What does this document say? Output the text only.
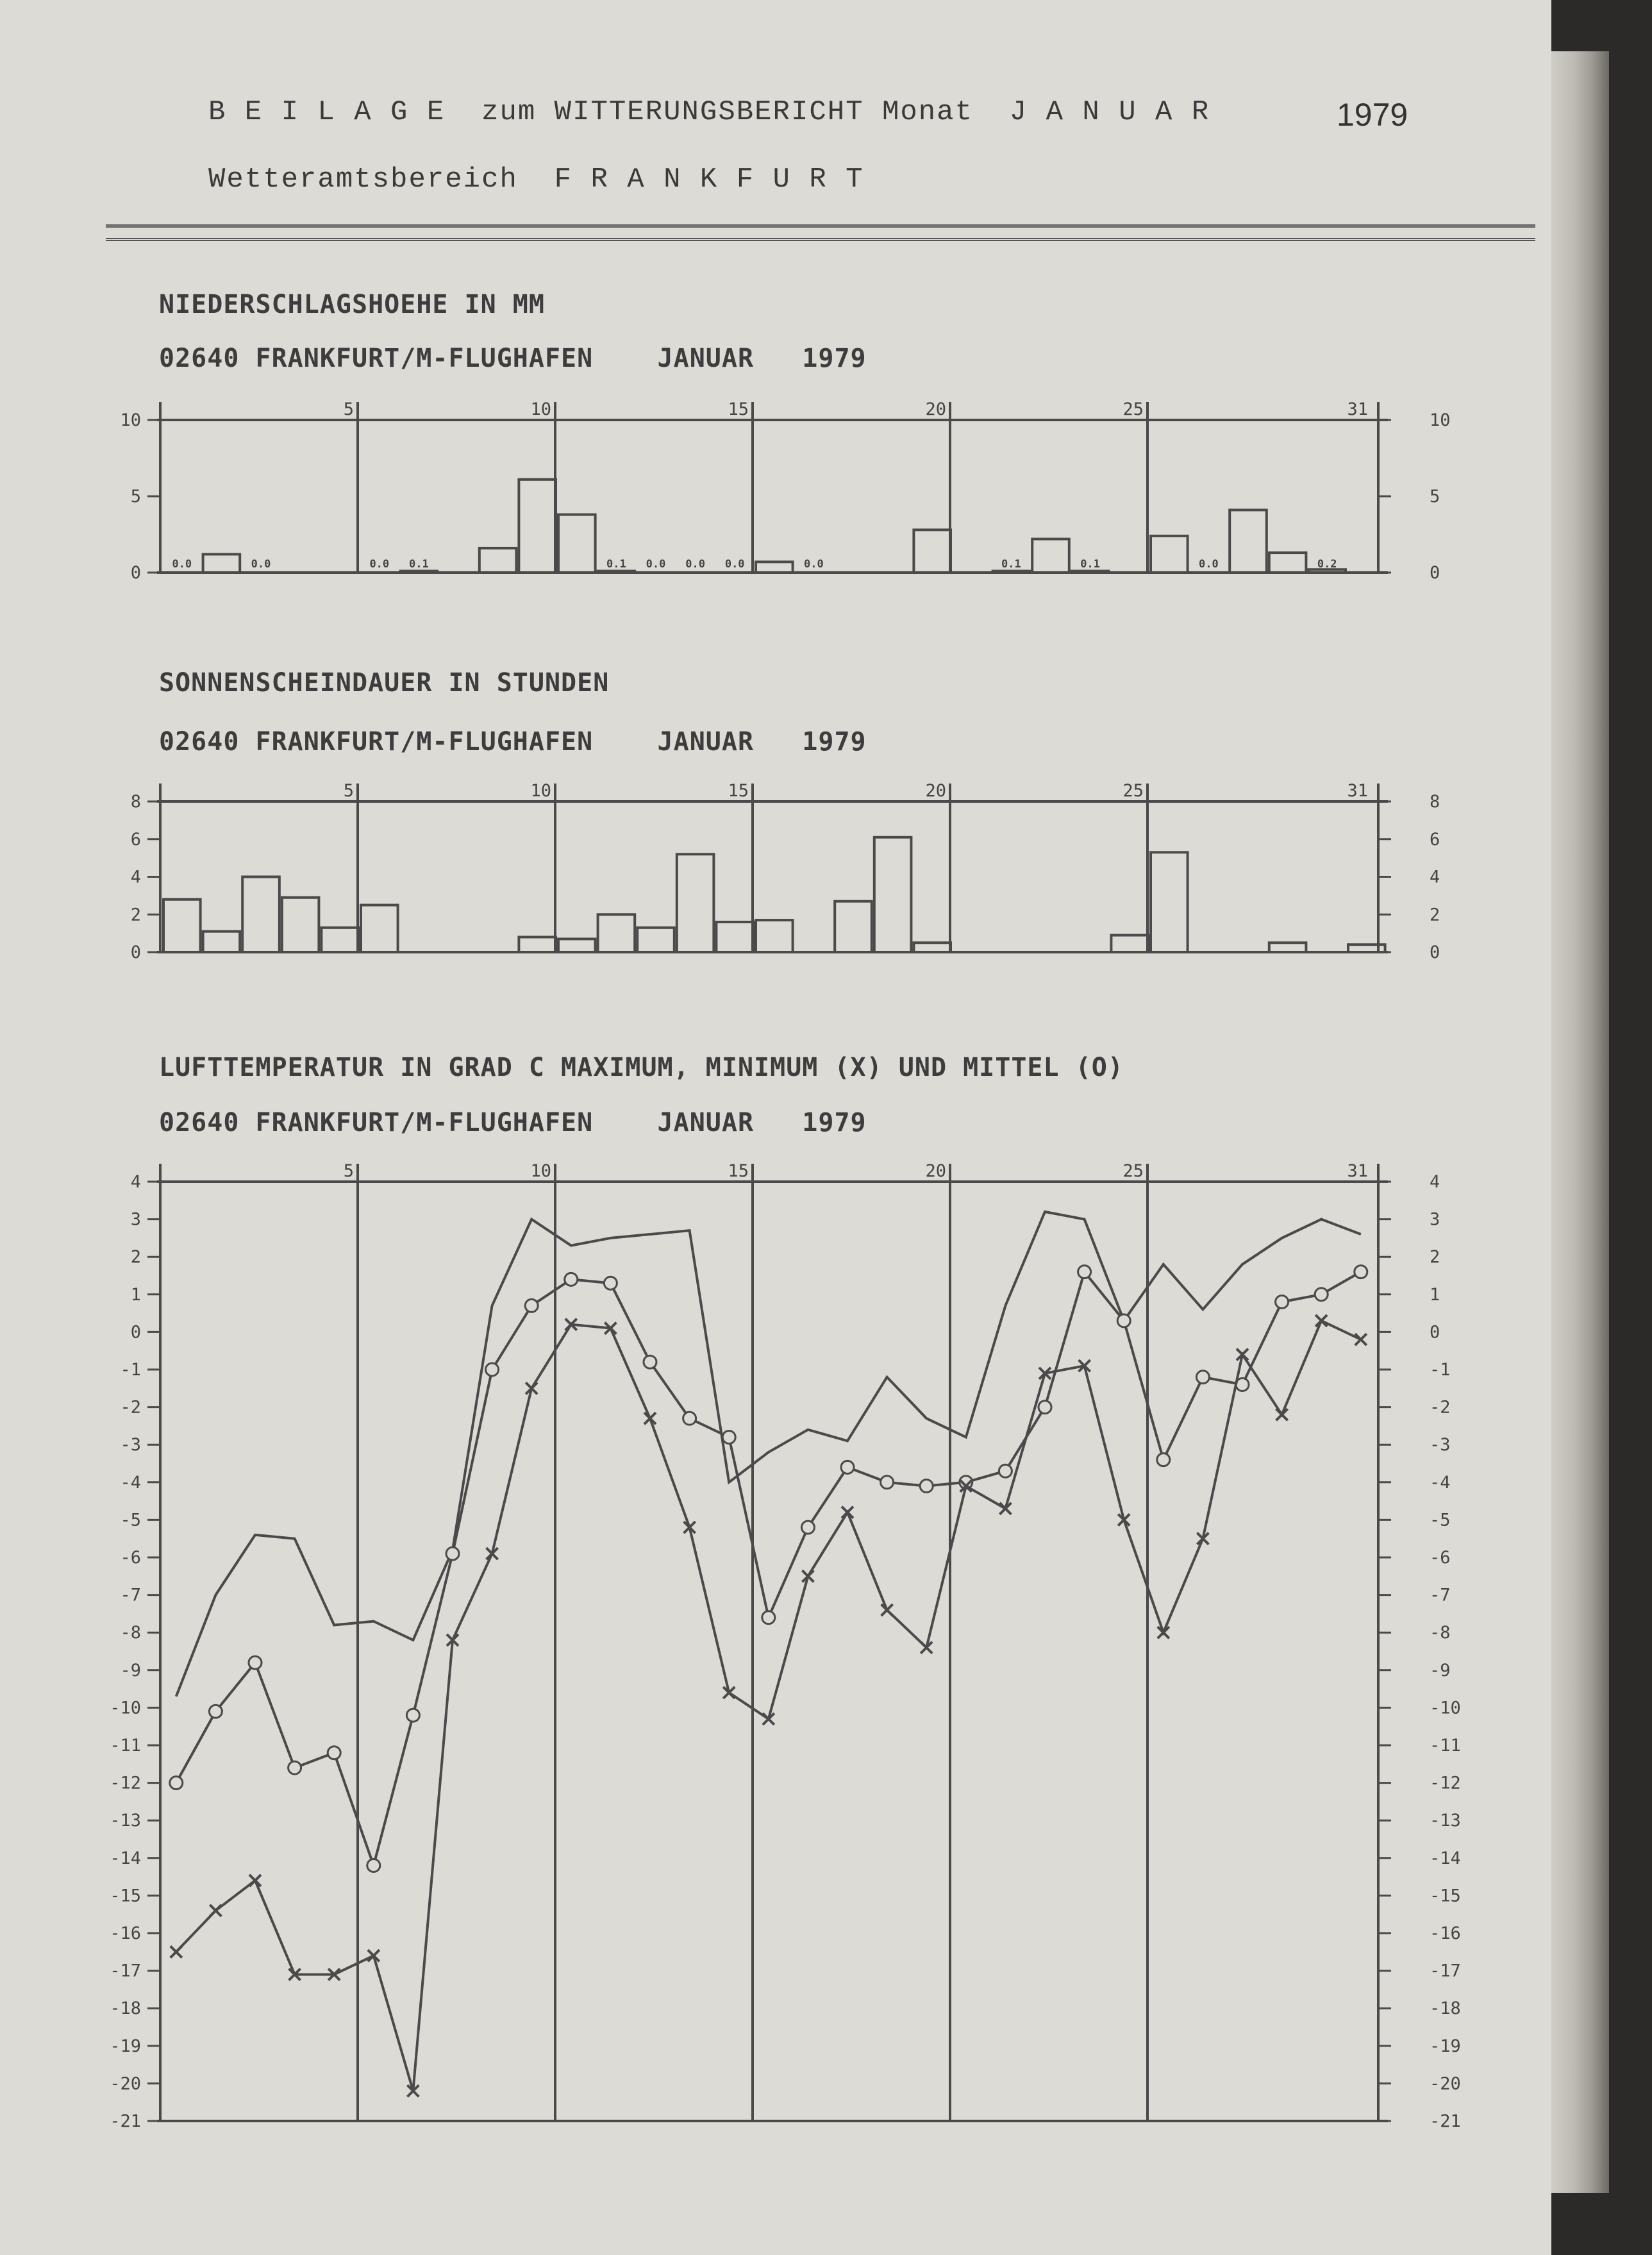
B E I L A G E  zum WITTERUNGSBERICHT Monat  J A N U A R	1979
Wetteramtsbereich  F R A N K F U R T
NIEDERSCHLAGSHOEHE IN MM
02640 FRANKFURT/M-FLUGHAFEN    JANUAR   1979
SONNENSCHEINDAUER IN STUNDEN
02640 FRANKFURT/M-FLUGHAFEN    JANUAR   1979
LUFTTEMPERATUR IN GRAD C MAXIMUM, MINIMUM (X) UND MITTEL (O)
02640 FRANKFURT/M-FLUGHAFEN    JANUAR   1979
5	10	15	20	25	31
10	10
5	5
0	0
0.0	0.0	0.0 0.1	0.1 0.0 0.0 0.0	0.0	0.1	0.1	0.0	0.2
5	10	15	20	25	31
8	8
6	6
4	4
2	2
0	0
5	10	15	20	25	31
4	4
3	3
2	2
1	1
0	0
-1	-1
-2	-2
-3	-3
-4	-4
-5	-5
-6	-6
-7	-7
-8	-8
-9	-9
-10	-10
-11	-11
-12	-12
-13	-13
-14	-14
-15	-15
-16	-16
-17	-17
-18	-18
-19	-19
-20	-20
-21	-21
